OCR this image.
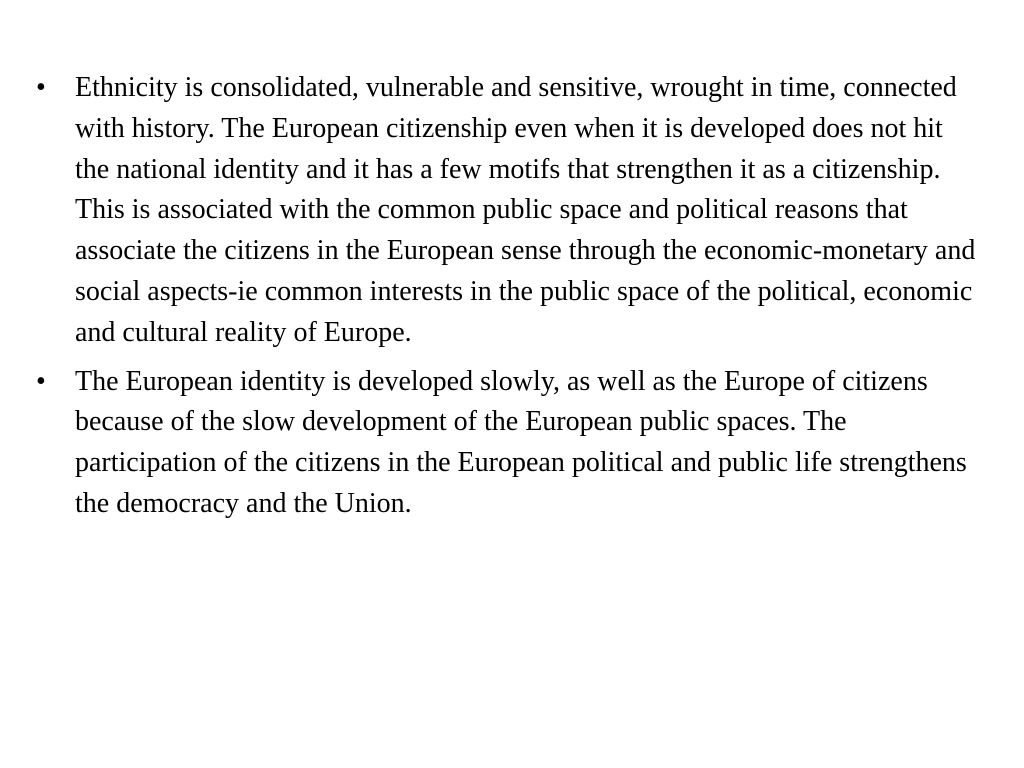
•	Ethnicity is consolidated, vulnerable and sensitive, wrought in time, connected with history. The European citizenship even when it is developed does not hit the national identity and it has a few motifs that strengthen it as a citizenship. This is associated with the common public space and political reasons that associate the citizens in the European sense through the economic-monetary and social aspects-ie common interests in the public space of the political, economic and cultural reality of Europe.
•	The European identity is developed slowly, as well as the Europe of citizens because of the slow development of the European public spaces. The participation of the citizens in the European political and public life strengthens the democracy and the Union.
